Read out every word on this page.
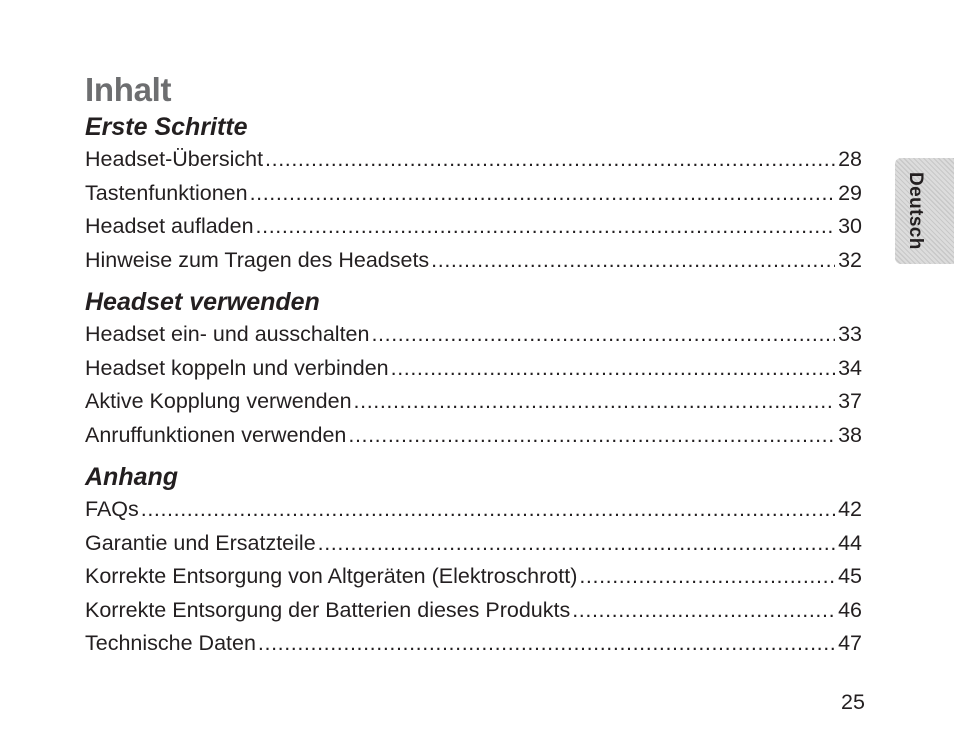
Inhalt
Erste Schritte
Headset-Übersicht .....	28
Tastenfunktionen .....	29
Headset aufladen .....	30
Hinweise zum Tragen des Headsets .....	32
Headset verwenden
Headset ein- und ausschalten .....	33
Headset koppeln und verbinden .....	34
Aktive Kopplung verwenden .....	37
Anruffunktionen verwenden .....	38
Anhang
FAQs .....	42
Garantie und Ersatzteile .....	44
Korrekte Entsorgung von Altgeräten (Elektroschrott) .....	45
Korrekte Entsorgung der Batterien dieses Produkts .....	46
Technische Daten .....	47
Deutsch
25
